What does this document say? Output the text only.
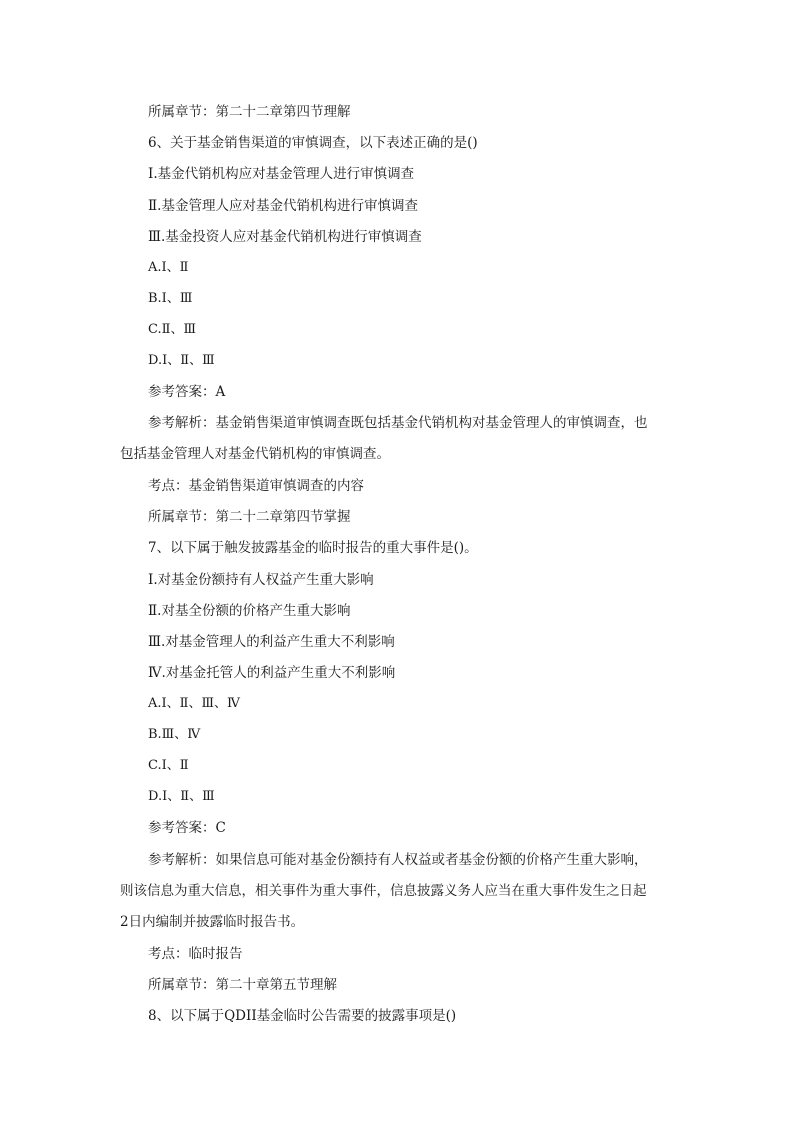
所属章节：第二十二章第四节理解
6、关于基金销售渠道的审慎调查，以下表述正确的是()
Ⅰ.基金代销机构应对基金管理人进行审慎调查
Ⅱ.基金管理人应对基金代销机构进行审慎调查
Ⅲ.基金投资人应对基金代销机构进行审慎调查
A.Ⅰ、Ⅱ
B.Ⅰ、Ⅲ
C.Ⅱ、Ⅲ
D.Ⅰ、Ⅱ、Ⅲ
参考答案：A
参考解析：基金销售渠道审慎调查既包括基金代销机构对基金管理人的审慎调查，也
包括基金管理人对基金代销机构的审慎调查。
考点：基金销售渠道审慎调查的内容
所属章节：第二十二章第四节掌握
7、以下属于触发披露基金的临时报告的重大事件是()。
Ⅰ.对基金份额持有人权益产生重大影响
Ⅱ.对基全份额的价格产生重大影响
Ⅲ.对基金管理人的利益产生重大不利影响
Ⅳ.对基金托管人的利益产生重大不利影响
A.Ⅰ、Ⅱ、Ⅲ、Ⅳ
B.Ⅲ、Ⅳ
C.Ⅰ、Ⅱ
D.Ⅰ、Ⅱ、Ⅲ
参考答案：C
参考解析：如果信息可能对基金份额持有人权益或者基金份额的价格产生重大影响，
则该信息为重大信息，相关事件为重大事件，信息披露义务人应当在重大事件发生之日起
2日内编制并披露临时报告书。
考点：临时报告
所属章节：第二十章第五节理解
8、以下属于QDII基金临时公告需要的披露事项是()
